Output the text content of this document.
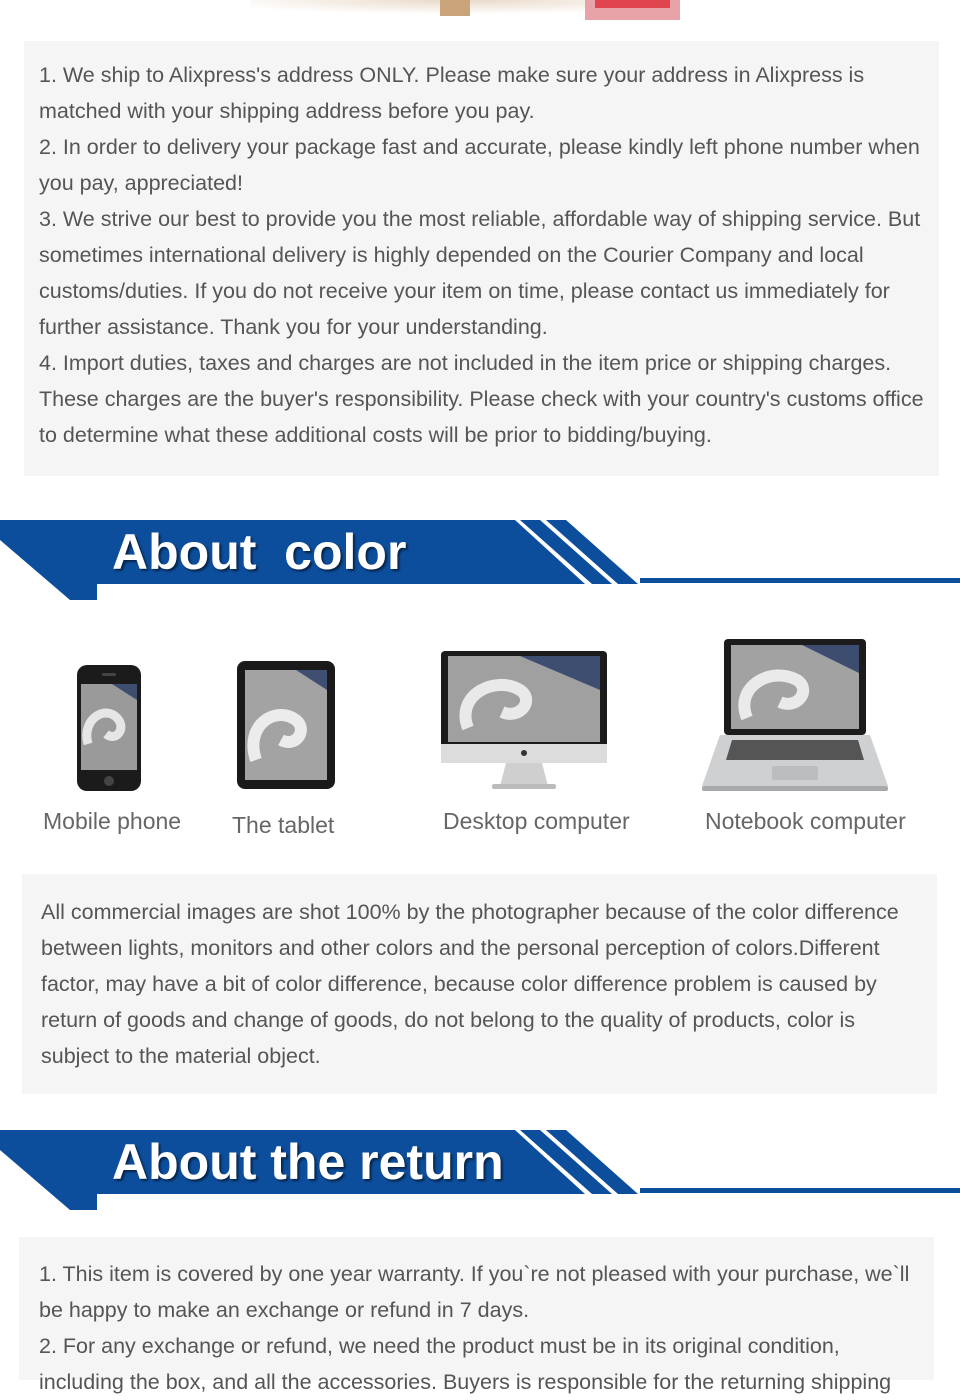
1. We ship to Alixpress's address ONLY. Please make sure your address in Alixpress is matched with your shipping address before you pay.

2. In order to delivery your package fast and accurate, please kindly left phone number when you pay, appreciated!

3. We strive our best to provide you the most reliable, affordable way of shipping service. But sometimes international delivery is highly depended on the Courier Company and local customs/duties. If you do not receive your item on time, please contact us immediately for further assistance. Thank you for your understanding.

4. Import duties, taxes and charges are not included in the item price or shipping charges. These charges are the buyer's responsibility. Please check with your country's customs office to determine what these additional costs will be prior to bidding/buying.

About  color
Mobile phone The tablet	Desktop computer	Notebook computer

All commercial images are shot 100% by the photographer because of the color difference between lights, monitors and other colors and the personal perception of colors.Different factor, may have a bit of color difference, because color difference problem is caused by return of goods and change of goods, do not belong to the quality of products, color is subject to the material object.

About the return

1. This item is covered by one year warranty. If you`re not pleased with your purchase, we`ll be happy to make an exchange or refund in 7 days.

2. For any exchange or refund, we need the product must be in its original condition, including the box, and all the accessories. Buyers is responsible for the returning shipping
